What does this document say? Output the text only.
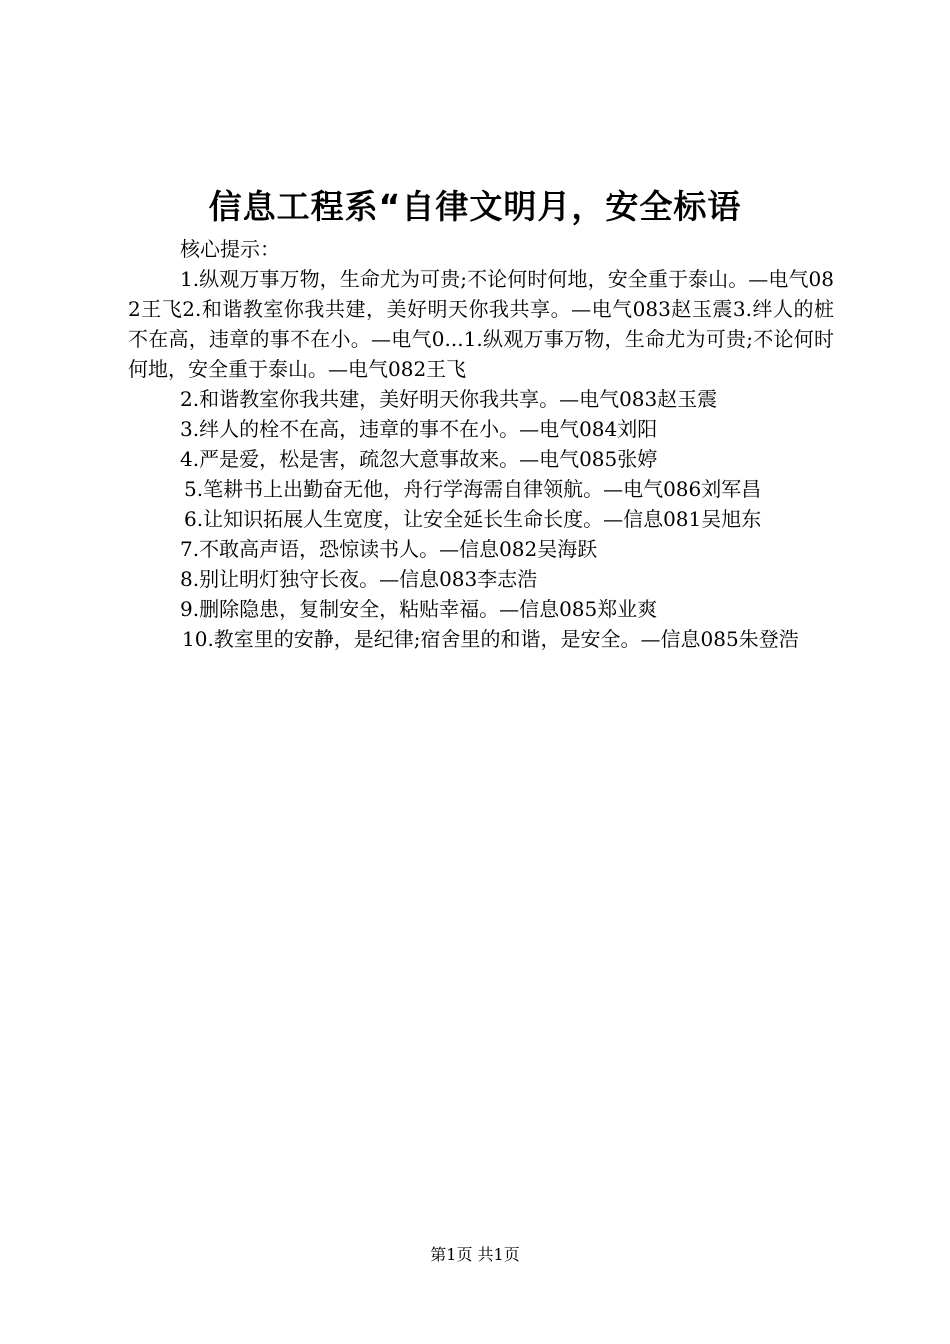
信息工程系“自律文明月，安全标语

核心提示：

1.纵观万事万物，生命尤为可贵;不论何时何地，安全重于泰山。—电气082王飞2.和谐教室你我共建，美好明天你我共享。—电气083赵玉震3.绊人的桩不在高，违章的事不在小。—电气0...1.纵观万事万物，生命尤为可贵;不论何时何地，安全重于泰山。—电气082王飞

2.和谐教室你我共建，美好明天你我共享。—电气083赵玉震

3.绊人的栓不在高，违章的事不在小。—电气084刘阳

4.严是爱，松是害，疏忽大意事故来。—电气085张婷

5.笔耕书上出勤奋无他，舟行学海需自律领航。—电气086刘军昌

6.让知识拓展人生宽度，让安全延长生命长度。—信息081吴旭东

7.不敢高声语，恐惊读书人。—信息082吴海跃

8.别让明灯独守长夜。—信息083李志浩

9.删除隐患，复制安全，粘贴幸福。—信息085郑业爽

10.教室里的安静，是纪律;宿舍里的和谐，是安全。—信息085朱登浩

第1页 共1页
